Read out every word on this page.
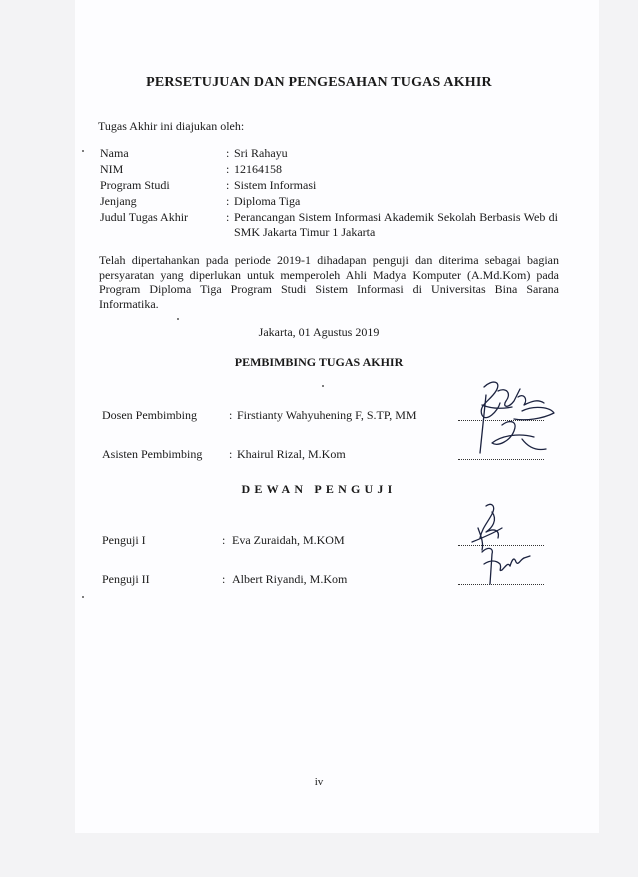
PERSETUJUAN DAN PENGESAHAN TUGAS AKHIR
Tugas Akhir ini diajukan oleh:
Nama	: Sri Rahayu
NIM	: 12164158
Program Studi	: Sistem Informasi
Jenjang	: Diploma Tiga
Judul Tugas Akhir	: Perancangan Sistem Informasi Akademik Sekolah Berbasis Web di SMK Jakarta Timur 1 Jakarta
Telah dipertahankan pada periode 2019-1 dihadapan penguji dan diterima sebagai bagian persyaratan yang diperlukan untuk memperoleh Ahli Madya Komputer (A.Md.Kom) pada Program Diploma Tiga Program Studi Sistem Informasi di Universitas Bina Sarana Informatika.
Jakarta, 01 Agustus 2019
PEMBIMBING TUGAS AKHIR
Dosen Pembimbing	: Firstianty Wahyuhening F, S.TP, MM
Asisten Pembimbing : Khairul Rizal, M.Kom
DEWAN PENGUJI
Penguji I	: Eva Zuraidah, M.KOM
Penguji II	: Albert Riyandi, M.Kom
iv
